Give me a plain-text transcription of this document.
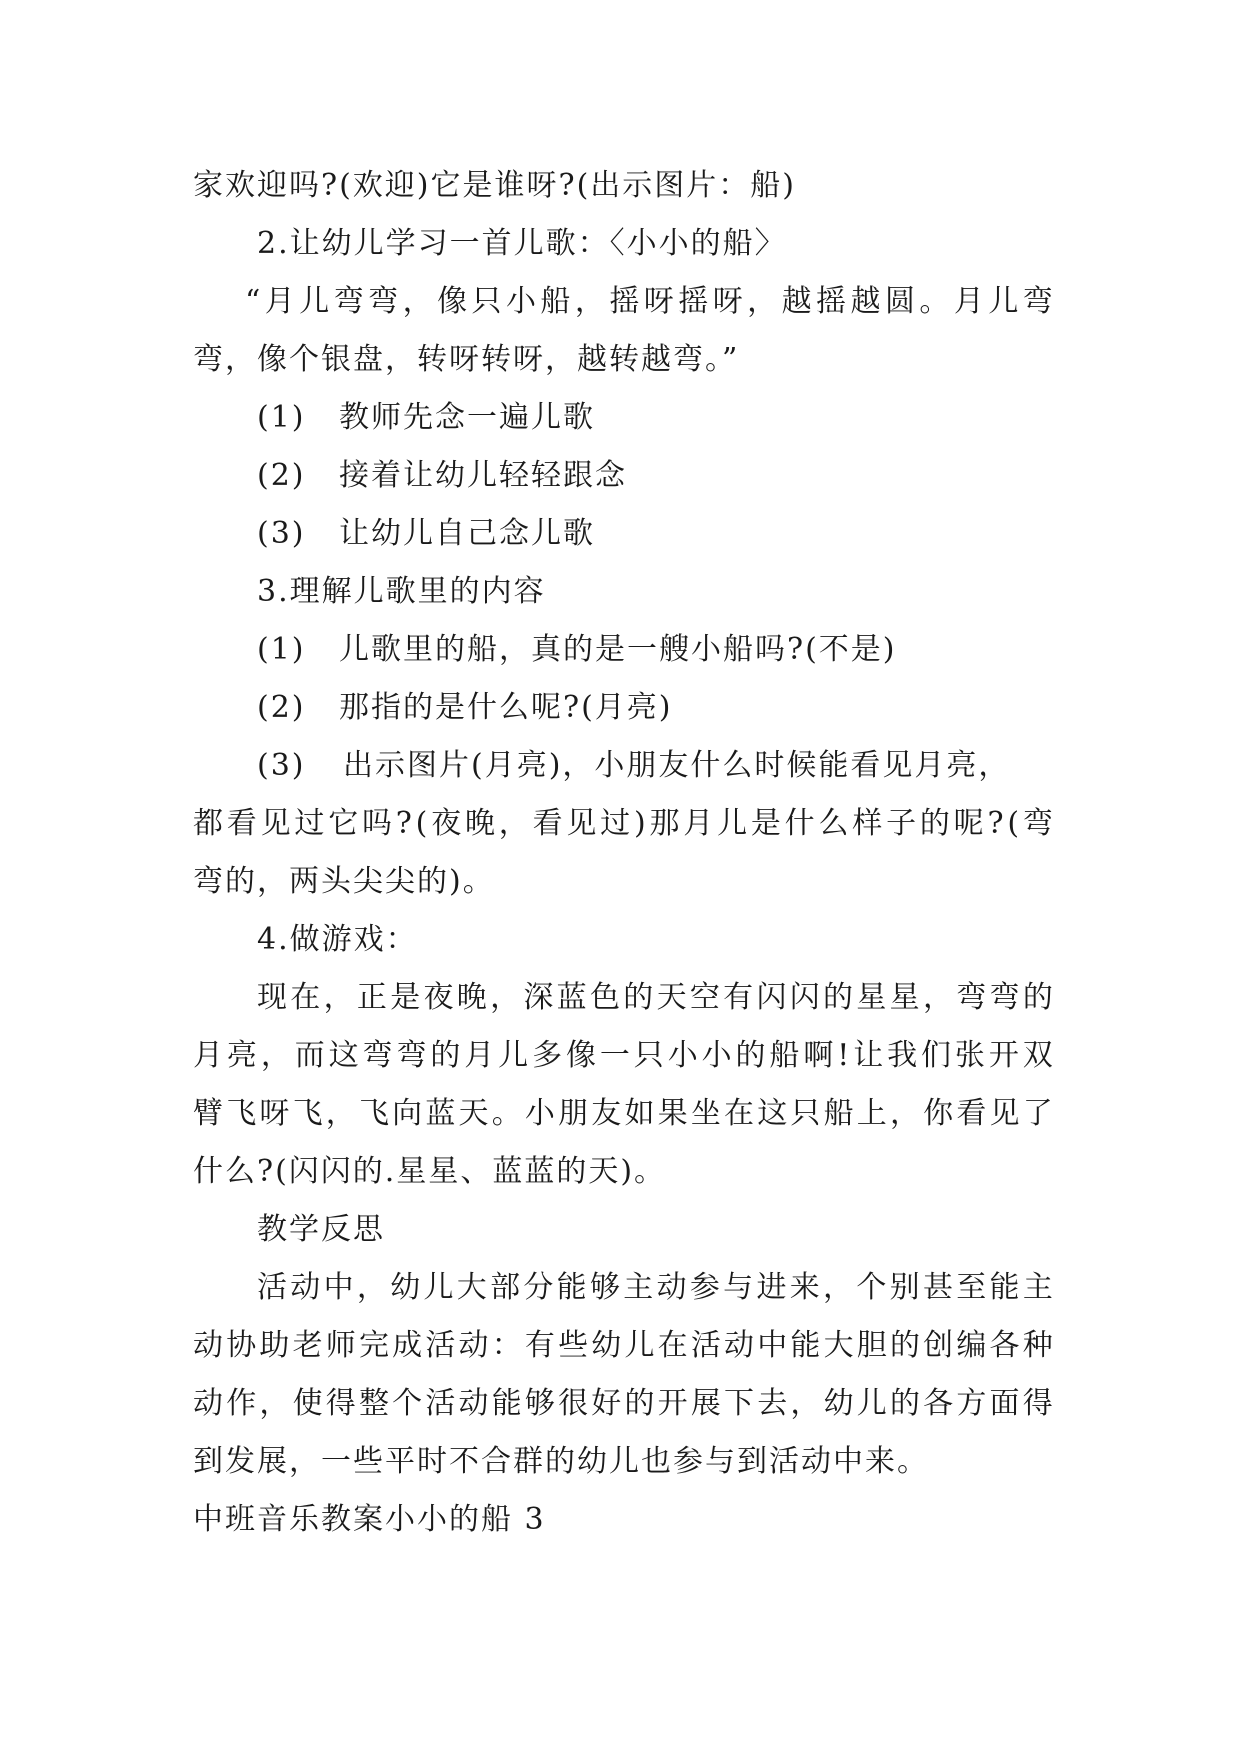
家欢迎吗?(欢迎)它是谁呀?(出示图片：船)

2.让幼儿学习一首儿歌：〈小小的船〉

“ 月 儿 弯 弯 ， 像 只 小 船 ， 摇 呀 摇 呀 ， 越 摇 越 圆 。 月 儿 弯

弯，像个银盘，转呀转呀，越转越弯。”

(1) 教师先念一遍儿歌

(2) 接着让幼儿轻轻跟念

(3) 让幼儿自己念儿歌

3.理解儿歌里的内容

(1) 儿歌里的船，真的是一艘小船吗?(不是)

(2) 那指的是什么呢?(月亮)

(3) 出示图片(月亮)，小朋友什么时候能看见月亮，

都 看 见 过 它 吗 ? ( 夜 晚 ， 看 见 过 ) 那 月 儿 是 什 么 样 子 的 呢 ? ( 弯

弯的，两头尖尖的)。

4.做游戏：

现 在 ， 正 是 夜 晚 ， 深 蓝 色 的 天 空 有 闪 闪 的 星 星 ， 弯 弯 的

月 亮 ， 而 这 弯 弯 的 月 儿 多 像 一 只 小 小 的 船 啊 ! 让 我 们 张 开 双

臂 飞 呀 飞 ， 飞 向 蓝 天 。 小 朋 友 如 果 坐 在 这 只 船 上 ， 你 看 见 了

什么?(闪闪的.星星、蓝蓝的天)。

教学反思

活 动 中 ， 幼 儿 大 部 分 能 够 主 动 参 与 进 来 ， 个 别 甚 至 能 主

动 协 助 老 师 完 成 活 动 ： 有 些 幼 儿 在 活 动 中 能 大 胆 的 创 编 各 种

动 作 ， 使 得 整 个 活 动 能 够 很 好 的 开 展 下 去 ， 幼 儿 的 各 方 面 得

到发展，一些平时不合群的幼儿也参与到活动中来。

中班音乐教案小小的船 3
